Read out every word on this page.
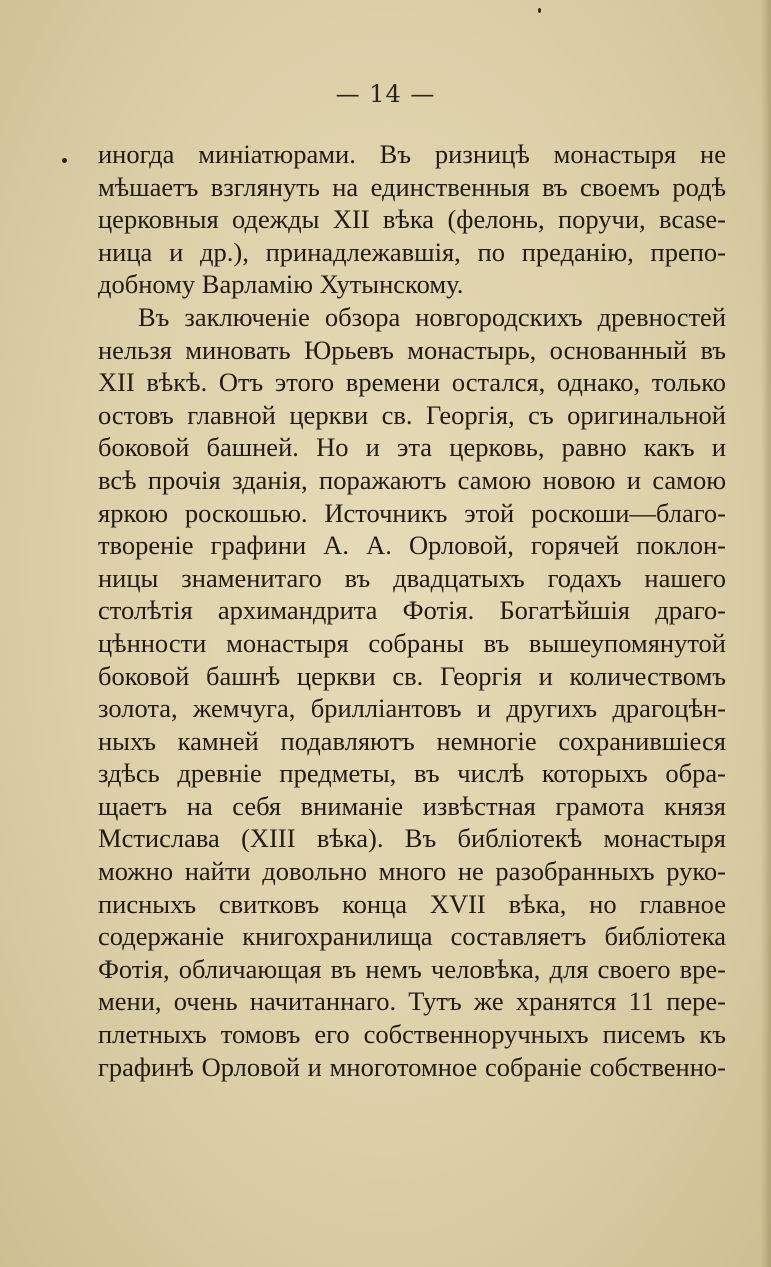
— 14 —
иногда миніатюрами. Въ ризницѣ монастыря не
мѣшаетъ взглянуть на единственныя въ своемъ родѣ
церковныя одежды XII вѣка (фелонь, поручи, вcase-
ница и др.), принадлежавшія, по преданію, препо-
добному Варламію Хутынскому.
Въ заключеніе обзора новгородскихъ древностей
нельзя миновать Юрьевъ монастырь, основанный въ
XII вѣкѣ. Отъ этого времени остался, однако, только
остовъ главной церкви св. Георгія, съ оригинальной
боковой башней. Но и эта церковь, равно какъ и
всѣ прочія зданія, поражаютъ самою новою и самою
яркою роскошью. Источникъ этой роскоши—благо-
твореніе графини А. А. Орловой, горячей поклон-
ницы знаменитаго въ двадцатыхъ годахъ нашего
столѣтія архимандрита Фотія. Богатѣйшія драго-
цѣнности монастыря собраны въ вышеупомянутой
боковой башнѣ церкви св. Георгія и количествомъ
золота, жемчуга, брилліантовъ и другихъ драгоцѣн-
ныхъ камней подавляютъ немногіе сохранившіеся
здѣсь древніе предметы, въ числѣ которыхъ обра-
щаетъ на себя вниманіе извѣстная грамота князя
Мстислава (XIII вѣка). Въ библіотекѣ монастыря
можно найти довольно много не разобранныхъ руко-
писныхъ свитковъ конца XVII вѣка, но главное
содержаніе книгохранилища составляетъ библіотека
Фотія, обличающая въ немъ человѣка, для своего вре-
мени, очень начитаннаго. Тутъ же хранятся 11 пере-
плетныхъ томовъ его собственноручныхъ писемъ къ
графинѣ Орловой и многотомное собраніе собственно-
